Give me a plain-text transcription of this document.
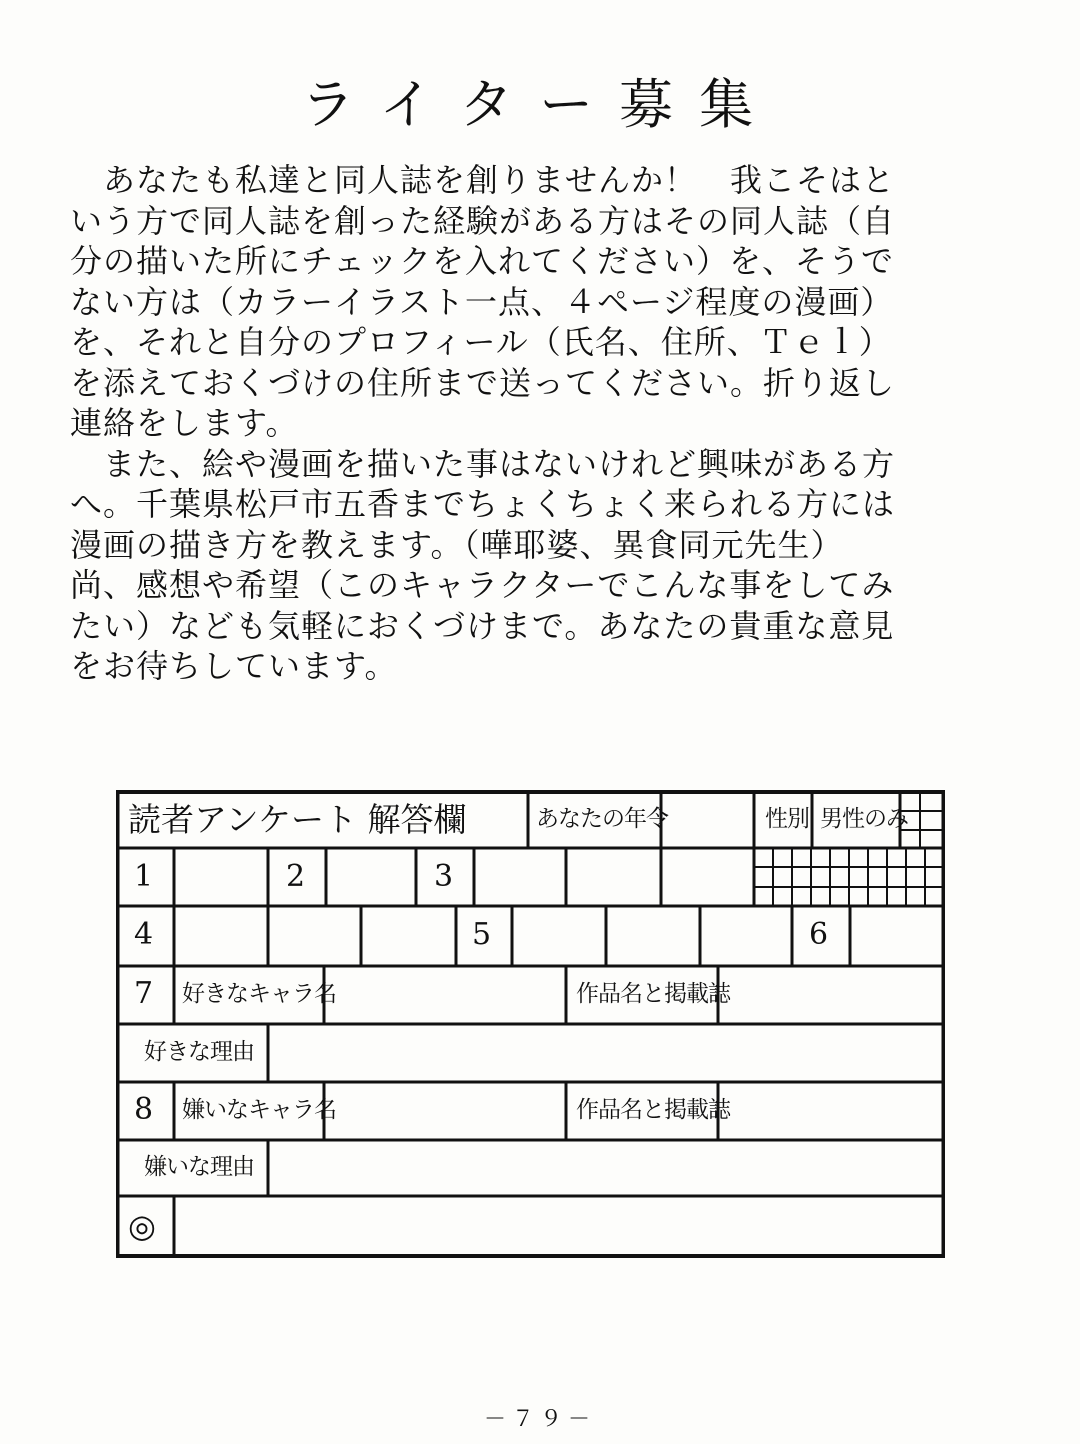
ライター募集
　あなたも私達と同人誌を創りませんか！　我こそはと
いう方で同人誌を創った経験がある方はその同人誌（自
分の描いた所にチェックを入れてください）を、そうで
ない方は（カラーイラスト一点、４ページ程度の漫画）
を、それと自分のプロフィール（氏名、住所、Ｔｅｌ）
を添えておくづけの住所まで送ってください。折り返し
連絡をします。
　また、絵や漫画を描いた事はないけれど興味がある方
へ。千葉県松戸市五香までちょくちょく来られる方には
漫画の描き方を教えます。（嘩耶婆、異食同元先生）
尚、感想や希望（このキャラクターでこんな事をしてみ
たい）なども気軽におくづけまで。あなたの貴重な意見
をお待ちしています。
読者アンケート 解答欄	あなたの年令	性別 男性のみ
1	2	3
4	5	6
7 好きなキャラ名	作品名と掲載誌
好きな理由
8 嫌いなキャラ名	作品名と掲載誌
嫌いな理由
◎
－７９－
